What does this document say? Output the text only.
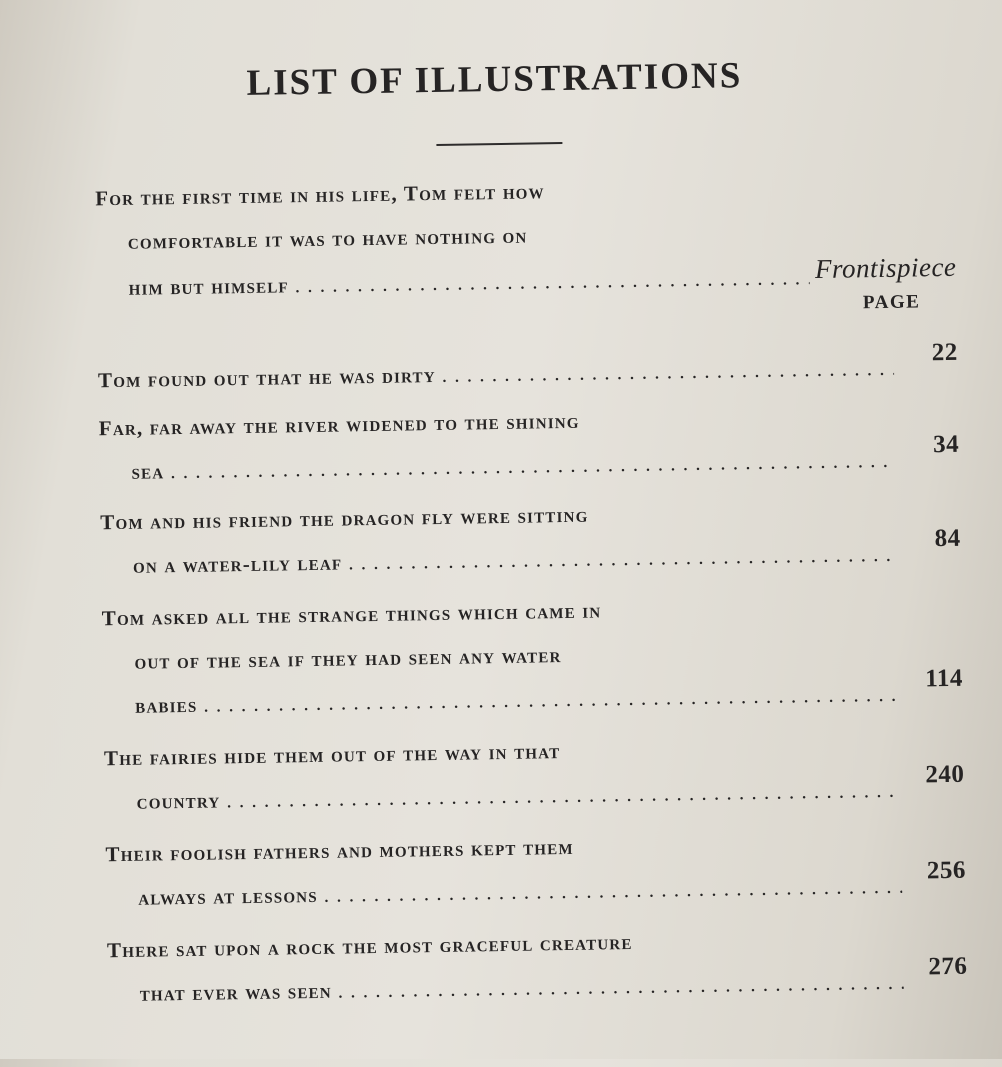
LIST OF ILLUSTRATIONS
For the first time in his life, Tom felt how
comfortable it was to have nothing on
him but himself
. . .
Frontispiece
PAGE
Tom found out that he was dirty
. . .
22
Far, far away the river widened to the shining
sea
. . .
34
Tom and his friend the dragon fly were sitting
on a water-lily leaf
. . .
84
Tom asked all the strange things which came in
out of the sea if they had seen any water
babies
. . .
114
The fairies hide them out of the way in that
country
. . .
240
Their foolish fathers and mothers kept them
always at lessons
. . .
256
There sat upon a rock the most graceful creature
that ever was seen
. . .
276
